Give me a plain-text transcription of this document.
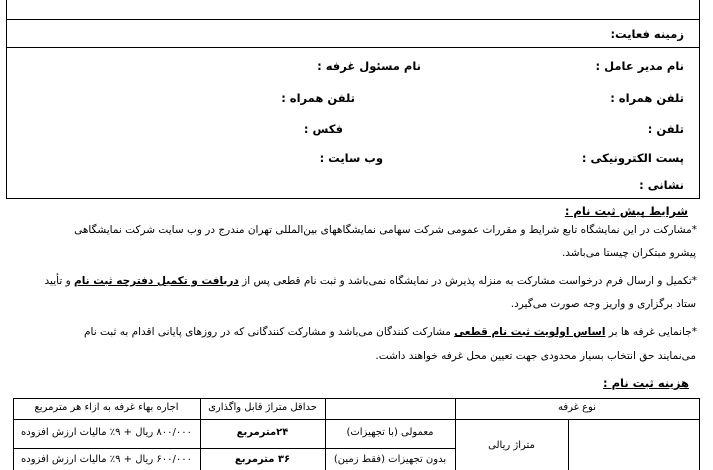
زمینه فعایت:
نام مدیر عامل :
نام مسئول غرفه :
تلفن همراه :
تلفن همراه :
تلفن :
فکس :
پست الکترونیکی :
وب سایت :
نشانی :
شرایط پیش ثبت نام :
*مشارکت در این نمایشگاه تابع شرایط و مقررات عمومی شرکت سهامی نمایشگاههای بین‌المللی تهران مندرج در وب سایت شرکت نمایشگاهی
پیشرو مبتکران چیستا می‌باشد.
*تکمیل و ارسال فرم درخواست مشارکت به منزله پذیرش در نمایشگاه نمی‌باشد و ثبت نام قطعی پس از دریافت و تکمیل دفترچه ثبت نام و تأیید
ستاد برگزاری و واریز وجه صورت می‌گیرد.
*جانمایی غرفه ها بر اساس اولویت ثبت نام قطعی مشارکت کنندگان می‌باشد و مشارکت کنندگانی که در روزهای پایانی اقدام به ثبت نام
می‌نمایند حق انتخاب بسیار محدودی جهت تعیین محل غرفه خواهند داشت.
هزینه ثبت نام :
اجاره بهاء غرفه به ازاء هر مترمربع	حداقل متراژ قابل واگذاری	نوع غرفه
متراژ ریالی
۸۰۰/۰۰۰ ریال + ۹٪ مالیات ارزش افزوده	۲۴مترمربع	معمولی (با تجهیزات)
۶۰۰/۰۰۰ ریال + ۹٪ مالیات ارزش افزوده	۳۶ مترمربع	بدون تجهیزات (فقط زمین)
